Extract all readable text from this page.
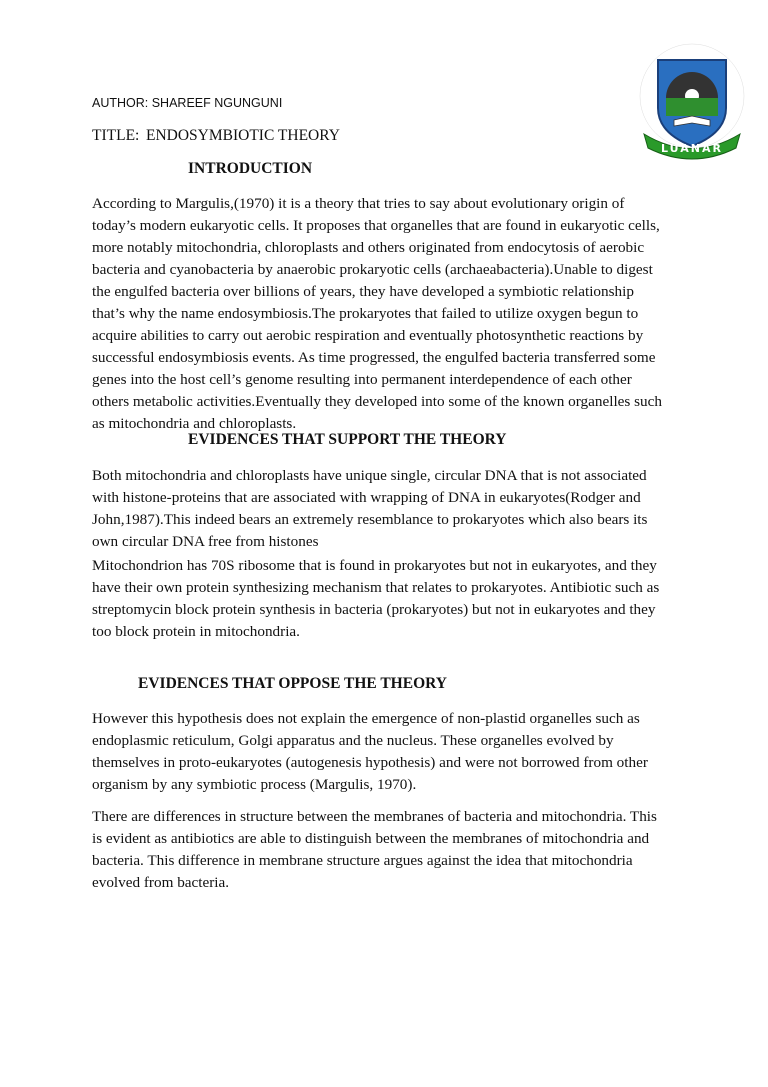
AUTHOR: SHAREEF NGUNGUNI
TITLE: ENDOSYMBIOTIC THEORY
LUANAR
INTRODUCTION
According to Margulis,(1970) it is a theory that tries to say about evolutionary origin of
today’s modern eukaryotic cells. It proposes that organelles that are found in eukaryotic cells,
more notably mitochondria, chloroplasts and others originated from endocytosis of aerobic
bacteria and cyanobacteria by anaerobic prokaryotic cells (archaeabacteria).Unable to digest
the engulfed bacteria over billions of years, they have developed a symbiotic relationship
that’s why the name endosymbiosis.The prokaryotes that failed to utilize oxygen begun to
acquire abilities to carry out aerobic respiration and eventually photosynthetic reactions by
successful endosymbiosis events. As time progressed, the engulfed bacteria transferred some
genes into the host cell’s genome resulting into permanent interdependence of each other
others metabolic activities.Eventually they developed into some of the known organelles such
as mitochondria and chloroplasts.
EVIDENCES THAT SUPPORT THE THEORY
Both mitochondria and chloroplasts have unique single, circular DNA that is not associated
with histone-proteins that are associated with wrapping of DNA in eukaryotes(Rodger and
John,1987).This indeed bears an extremely resemblance to prokaryotes which also bears its
own circular DNA free from histones
Mitochondrion has 70S ribosome that is found in prokaryotes but not in eukaryotes, and they
have their own protein synthesizing mechanism that relates to prokaryotes. Antibiotic such as
streptomycin block protein synthesis in bacteria (prokaryotes) but not in eukaryotes and they
too block protein in mitochondria.
EVIDENCES THAT OPPOSE THE THEORY
However this hypothesis does not explain the emergence of non-plastid organelles such as
endoplasmic reticulum, Golgi apparatus and the nucleus. These organelles evolved by
themselves in proto-eukaryotes (autogenesis hypothesis) and were not borrowed from other
organism by any symbiotic process (Margulis, 1970).
There are differences in structure between the membranes of bacteria and mitochondria. This
is evident as antibiotics are able to distinguish between the membranes of mitochondria and
bacteria. This difference in membrane structure argues against the idea that mitochondria
evolved from bacteria.
